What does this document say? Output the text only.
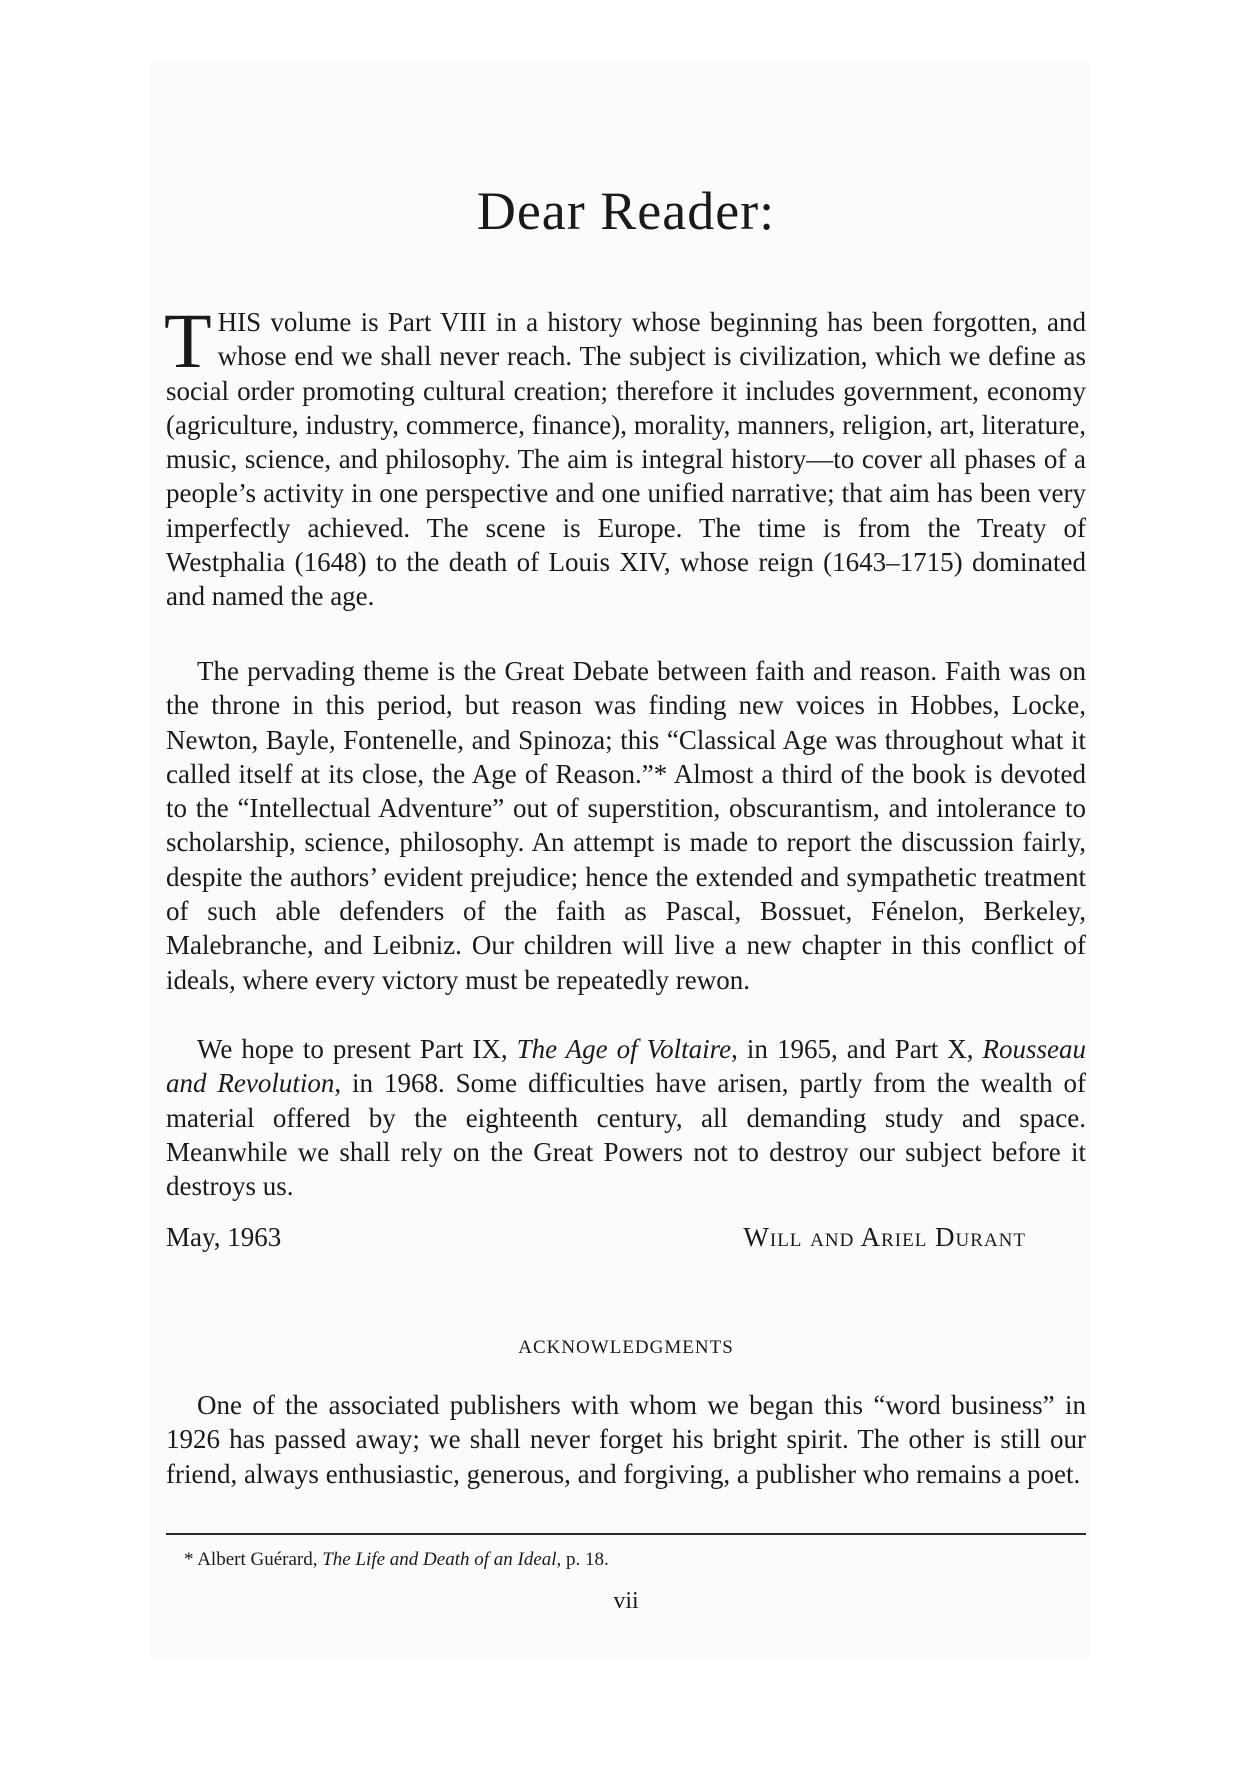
Dear Reader:

THIS volume is Part VIII in a history whose beginning has been forgotten, and whose end we shall never reach. The subject is civilization, which we define as social order promoting cultural creation; therefore it includes government, economy (agriculture, industry, commerce, finance), morality, manners, religion, art, literature, music, science, and philosophy. The aim is integral history—to cover all phases of a people’s activity in one perspective and one unified narrative; that aim has been very imperfectly achieved. The scene is Europe. The time is from the Treaty of Westphalia (1648) to the death of Louis XIV, whose reign (1643–1715) dominated and named the age.

The pervading theme is the Great Debate between faith and reason. Faith was on the throne in this period, but reason was finding new voices in Hobbes, Locke, Newton, Bayle, Fontenelle, and Spinoza; this “Classical Age was throughout what it called itself at its close, the Age of Reason.”* Almost a third of the book is devoted to the “Intellectual Adventure” out of superstition, obscurantism, and intolerance to scholarship, science, philosophy. An attempt is made to report the discussion fairly, despite the authors’ evident prejudice; hence the extended and sympathetic treatment of such able defenders of the faith as Pascal, Bossuet, Fénelon, Berkeley, Malebranche, and Leibniz. Our children will live a new chapter in this conflict of ideals, where every victory must be repeatedly rewon.

We hope to present Part IX, The Age of Voltaire, in 1965, and Part X, Rousseau and Revolution, in 1968. Some difficulties have arisen, partly from the wealth of material offered by the eighteenth century, all demanding study and space. Meanwhile we shall rely on the Great Powers not to destroy our subject before it destroys us.

May, 1963	Will and Ariel Durant
ACKNOWLEDGMENTS

One of the associated publishers with whom we began this “word business” in 1926 has passed away; we shall never forget his bright spirit. The other is still our friend, always enthusiastic, generous, and forgiving, a publisher who remains a poet.

* Albert Guérard, The Life and Death of an Ideal, p. 18.

vii
